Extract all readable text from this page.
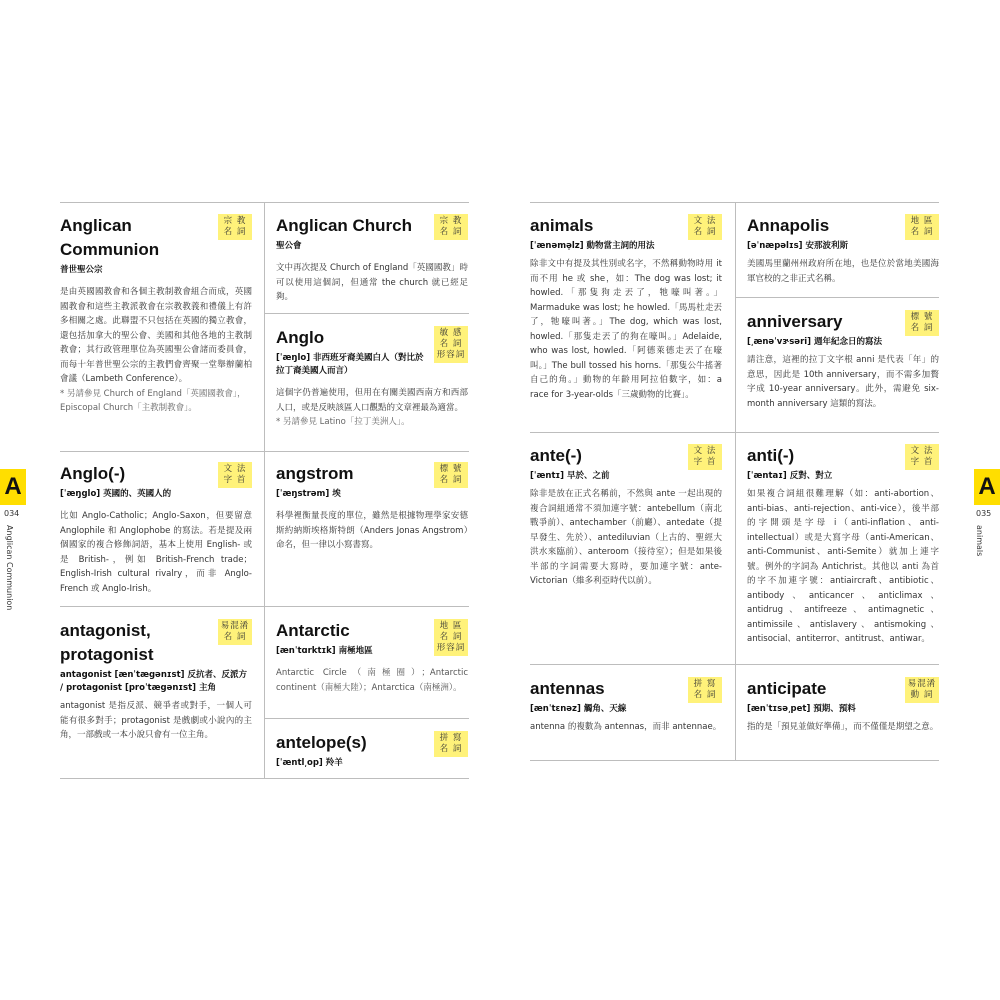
Anglican Communion
宗 教
名 詞
普世聖公宗
是由英國國教會和各個主教制教會組合而成，英國國教會和這些主教派教會在宗教教義和禮儀上有許多相關之處。此聯盟不只包括在英國的獨立教會，還包括加拿大的聖公會、美國和其他各地的主教制教會；其行政管理單位為英國聖公會諸而委員會，而每十年普世聖公宗的主教們會齊聚一堂舉辦蘭柏會議（Lambeth Conference）。
* 另請參見 Church of England「英國國教會」，Episcopal Church「主教制教會」。
Anglican Church	宗 教
名 詞
聖公會
文中再次提及 Church of England「英國國教」時可以使用這個詞，但通常 the church 就已經足夠。
Anglo	敏 感
名 詞
形容詞
[ˈæŋlo] 非西班牙裔美國白人（對比於拉丁裔美國人而言）
這個字仍普遍使用，但用在有關美國西南方和西部人口，或是反映該區人口觀點的文章裡最為適當。
* 另請參見 Latino「拉丁美洲人」。
Anglo(-)	文 法
字 首
[ˈæŋglo] 英國的、英國人的
比如 Anglo-Catholic；Anglo-Saxon，但要留意 Anglophile 和 Anglophobe 的寫法。若是提及兩個國家的複合修飾詞語，基本上使用 English- 或是 British-，例如 British-French trade；English-Irish cultural rivalry，而非 Anglo-French 或 Anglo-Irish。
angstrom	標 號
名 詞
[ˈæŋstrəm] 埃
科學裡衡量長度的單位，雖然是根據物理學家安德斯約納斯埃格斯特朗（Anders Jonas Angstrom）命名，但一律以小寫書寫。
antagonist, protagonist
易混淆
名 詞
antagonist [ænˈtægənɪst] 反抗者、反派方 / protagonist [proˈtægənɪst] 主角
antagonist 是指反派、競爭者或對手，一個人可能有很多對手；protagonist 是戲劇或小說內的主角，一部戲或一本小說只會有一位主角。
Antarctic	地 區
名 詞
形容詞
[ænˈtɑrktɪk] 南極地區
Antarctic Circle（南極圈）；Antarctic continent（南極大陸）；Antarctica（南極洲）。
antelope(s)	拼 寫
名 詞
[ˈæntl͵op] 羚羊
A
034
Anglican Communion
animals	文 法
名 詞
[ˈænəmə̩lz] 動物當主詞的用法
除非文中有提及其性別或名字，不然稱動物時用 it 而不用 he 或 she，如：The dog was lost; it howled.「那隻狗走丟了，牠嚎叫著。」Marmaduke was lost; he howled.「馬馬杜走丟了，牠嚎叫著。」The dog, which was lost, howled.「那隻走丟了的狗在嚎叫。」Adelaide, who was lost, howled.「阿德萊德走丟了在嚎叫。」The bull tossed his horns.「那隻公牛搖著自己的角。」動物的年齡用阿拉伯數字，如：a race for 3-year-olds「三歲動物的比賽」。
Annapolis	地 區
名 詞
[əˈnæpəlɪs] 安那波利斯
美國馬里蘭州州政府所在地，也是位於當地美國海軍官校的之非正式名稱。
anniversary	標 號
名 詞
[͵ænəˈvɝsəri] 週年紀念日的寫法
請注意，這裡的拉丁文字根 anni 是代表「年」的意思，因此是 10th anniversary，而不需多加贅字成 10-year anniversary。此外，需避免 six-month anniversary 這類的寫法。
ante(-)	文 法
字 首
[ˈæntɪ] 早於、之前
除非是放在正式名稱前，不然與 ante 一起出現的複合詞組通常不須加連字號：antebellum（南北戰爭前）、antechamber（前廳）、antedate（提早發生、先於）、antediluvian（上古的、聖經大洪水來臨前）、anteroom（接待室）；但是如果後半部的字詞需要大寫時，要加連字號：ante-Victorian（維多利亞時代以前）。
anti(-)	文 法
字 首
[ˈæntaɪ] 反對、對立
如果複合詞組很難理解（如：anti-abortion、anti-bias、anti-rejection、anti-vice），後半部的字開頭是字母 i（anti-inflation、anti-intellectual）或是大寫字母（anti-American、anti-Communist、anti-Semite）就加上連字號。例外的字詞為 Antichrist。其他以 anti 為首的字不加連字號：antiaircraft、antibiotic、antibody、anticancer、anticlimax、antidrug、antifreeze、antimagnetic、antimissile、antislavery、antismoking、antisocial、antiterror、antitrust、antiwar。
antennas	拼 寫
名 詞
[ænˈtɛnəz] 觸角、天線
antenna 的複數為 antennas，而非 antennae。
anticipate	易混淆
動 詞
[ænˈtɪsə͵pet] 預期、預料
指的是「預見並做好準備」，而不僅僅是期望之意。
A
035
animals
